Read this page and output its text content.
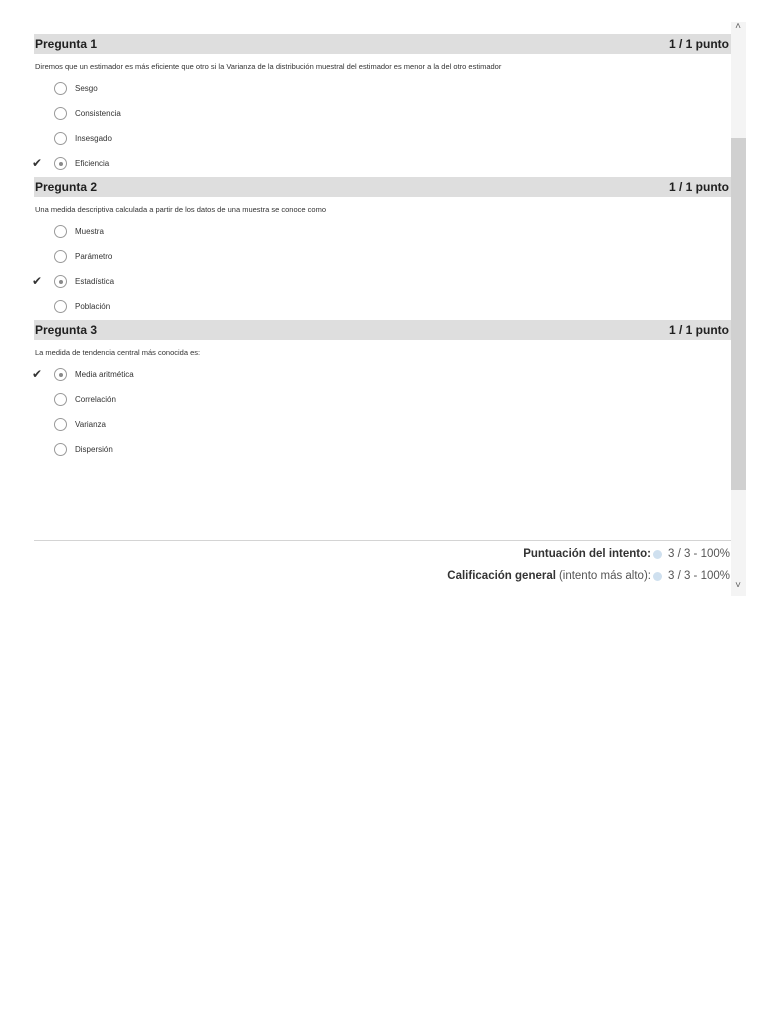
Pregunta 1	1 / 1 punto
Diremos que un estimador es más eficiente que otro si la Varianza de la distribución muestral del estimador es menor a la del otro estimador
Sesgo
Consistencia
Insesgado
✔	Eficiencia
Pregunta 2	1 / 1 punto
Una medida descriptiva calculada a partir de los datos de una muestra se conoce como
Muestra
Parámetro
✔	Estadística
Población
Pregunta 3	1 / 1 punto
La medida de tendencia central más conocida es:
✔	Media aritmética
Correlación
Varianza
Dispersión
Puntuación del intento: 3 / 3 - 100%
Calificación general (intento más alto): 3 / 3 - 100%
˄
˅
